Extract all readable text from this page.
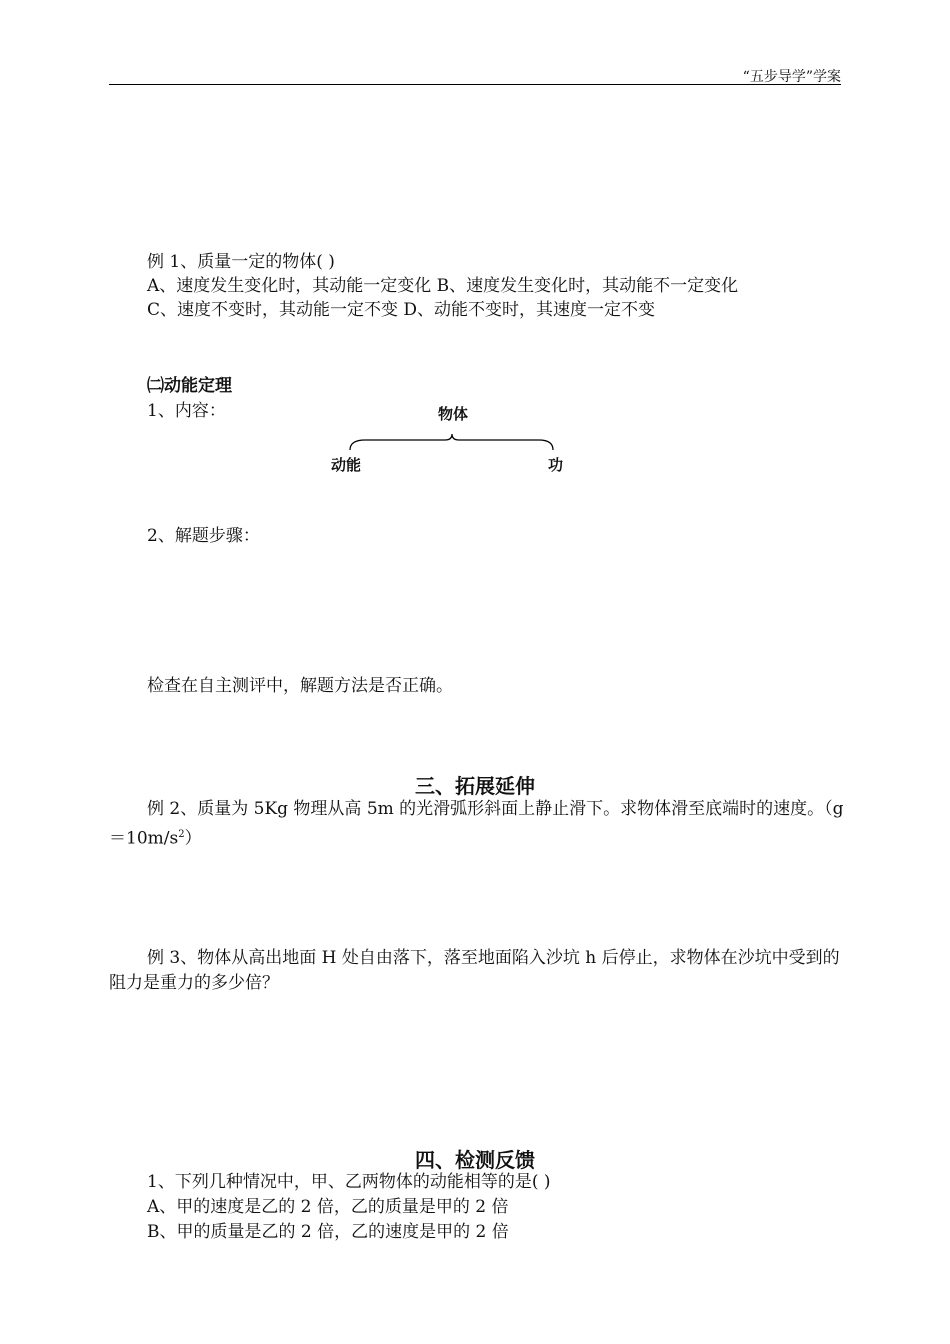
“五步导学”学案
例 1、质量一定的物体( )
A、速度发生变化时，其动能一定变化 B、速度发生变化时，其动能不一定变化
C、速度不变时，其动能一定不变 D、动能不变时，其速度一定不变
㈡动能定理
1、内容：	物体
动能	功
2、解题步骤：
检查在自主测评中，解题方法是否正确。
三、拓展延伸
例 2、质量为 5Kg 物理从高 5m 的光滑弧形斜面上静止滑下。求物体滑至底端时的速度。$(g=10m/s^2)$
例 3、物体从高出地面 H 处自由落下，落至地面陷入沙坑 h 后停止，求物体在沙坑中受到的阻力是重力的多少倍？
四、检测反馈
1、下列几种情况中，甲、乙两物体的动能相等的是( )
A、甲的速度是乙的 2 倍，乙的质量是甲的 2 倍
B、甲的质量是乙的 2 倍，乙的速度是甲的 2 倍
